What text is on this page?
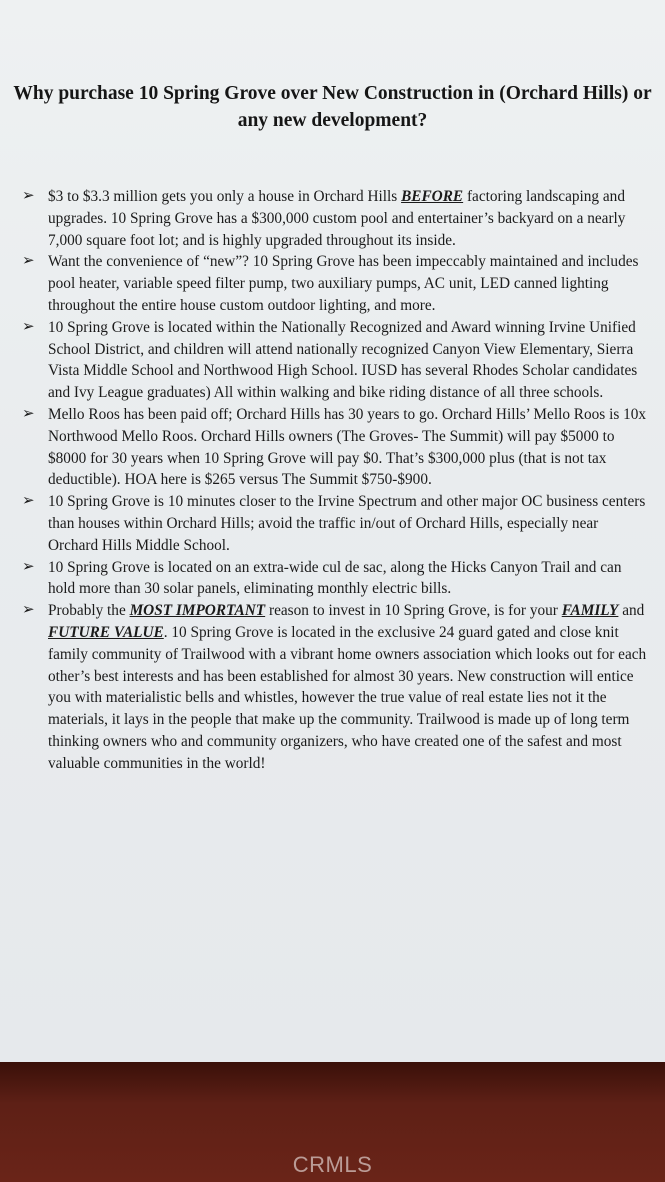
Why purchase 10 Spring Grove over New Construction in (Orchard Hills) or any new development?
➢ $3 to $3.3 million gets you only a house in Orchard Hills BEFORE factoring landscaping and upgrades. 10 Spring Grove has a $300,000 custom pool and entertainer’s backyard on a nearly 7,000 square foot lot; and is highly upgraded throughout its inside.
➢ Want the convenience of “new”? 10 Spring Grove has been impeccably maintained and includes pool heater, variable speed filter pump, two auxiliary pumps, AC unit, LED canned lighting throughout the entire house custom outdoor lighting, and more.
➢ 10 Spring Grove is located within the Nationally Recognized and Award winning Irvine Unified School District, and children will attend nationally recognized Canyon View Elementary, Sierra Vista Middle School and Northwood High School. IUSD has several Rhodes Scholar candidates and Ivy League graduates) All within walking and bike riding distance of all three schools.
➢ Mello Roos has been paid off; Orchard Hills has 30 years to go. Orchard Hills’ Mello Roos is 10x Northwood Mello Roos. Orchard Hills owners (The Groves- The Summit) will pay $5000 to $8000 for 30 years when 10 Spring Grove will pay $0. That’s $300,000 plus (that is not tax deductible). HOA here is $265 versus The Summit $750-$900.
➢ 10 Spring Grove is 10 minutes closer to the Irvine Spectrum and other major OC business centers than houses within Orchard Hills; avoid the traffic in/out of Orchard Hills, especially near Orchard Hills Middle School.
➢ 10 Spring Grove is located on an extra-wide cul de sac, along the Hicks Canyon Trail and can hold more than 30 solar panels, eliminating monthly electric bills.
➢ Probably the MOST IMPORTANT reason to invest in 10 Spring Grove, is for your FAMILY and FUTURE VALUE. 10 Spring Grove is located in the exclusive 24 guard gated and close knit family community of Trailwood with a vibrant home owners association which looks out for each other’s best interests and has been established for almost 30 years. New construction will entice you with materialistic bells and whistles, however the true value of real estate lies not it the materials, it lays in the people that make up the community. Trailwood is made up of long term thinking owners who and community organizers, who have created one of the safest and most valuable communities in the world!
CRMLS
